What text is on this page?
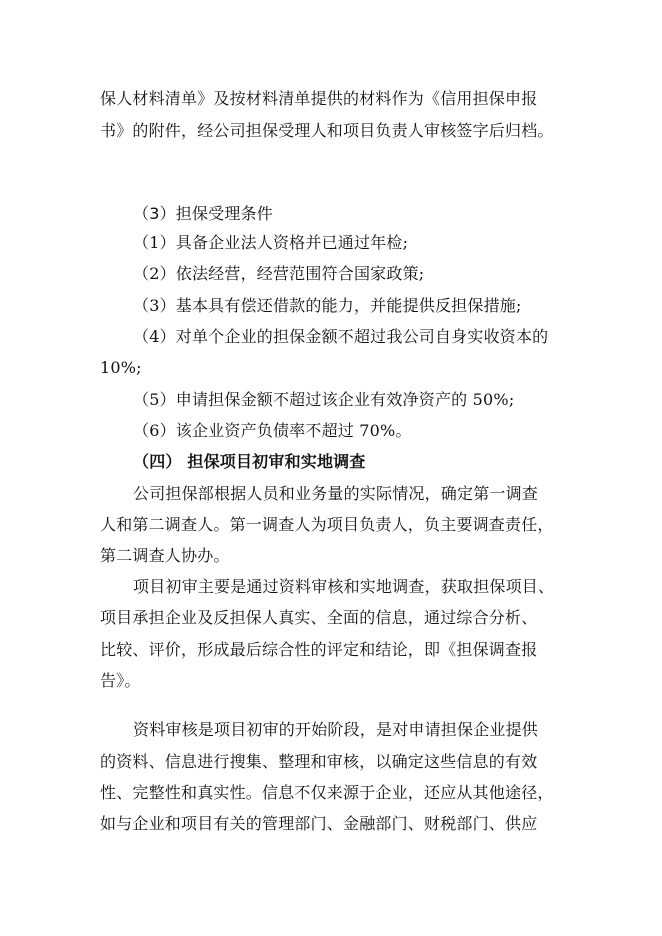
保人材料清单》及按材料清单提供的材料作为《信用担保申报
书》的附件，经公司担保受理人和项目负责人审核签字后归档。
（3）担保受理条件
（1）具备企业法人资格并已通过年检;
（2）依法经营，经营范围符合国家政策;
（3）基本具有偿还借款的能力，并能提供反担保措施;
（4）对单个企业的担保金额不超过我公司自身实收资本的
10%;
（5）申请担保金额不超过该企业有效净资产的 50%;
（6）该企业资产负债率不超过 70%。
（四） 担保项目初审和实地调查
公司担保部根据人员和业务量的实际情况，确定第一调查
人和第二调查人。第一调查人为项目负责人，负主要调查责任，
第二调查人协办。
项目初审主要是通过资料审核和实地调查，获取担保项目、
项目承担企业及反担保人真实、全面的信息，通过综合分析、
比较、评价，形成最后综合性的评定和结论，即《担保调查报
告》。
资料审核是项目初审的开始阶段，是对申请担保企业提供
的资料、信息进行搜集、整理和审核，以确定这些信息的有效
性、完整性和真实性。信息不仅来源于企业，还应从其他途径，
如与企业和项目有关的管理部门、金融部门、财税部门、供应
